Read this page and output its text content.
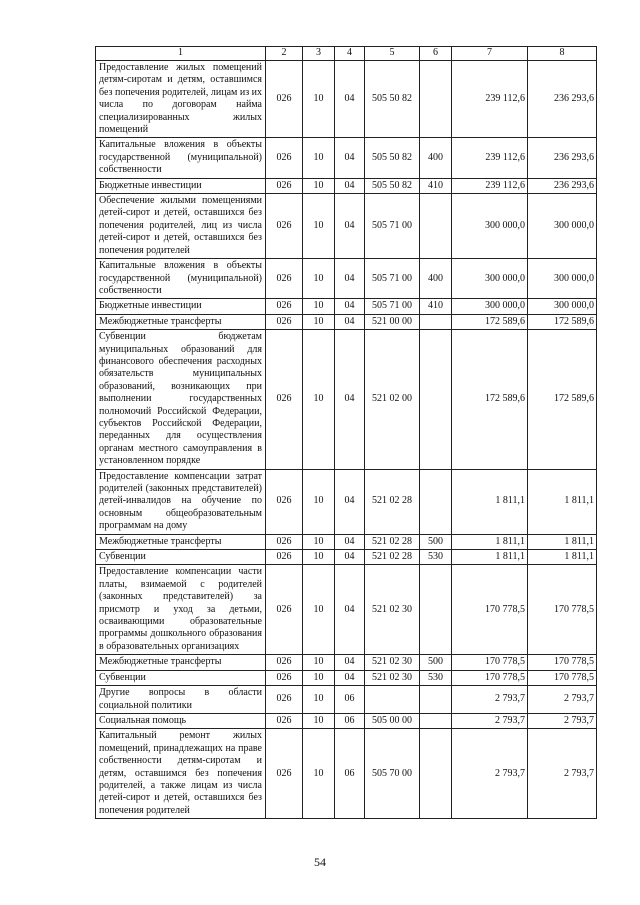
1	2	3	4	5	6	7	8
Предоставление жилых помещений детям-сиротам и детям, оставшимся без попечения родителей, лицам из их числа по договорам найма специализированных жилых помещений	026	10	04	505 50 82		239 112,6	236 293,6
Капитальные вложения в объекты государственной (муниципальной) собственности	026	10	04	505 50 82	400	239 112,6	236 293,6
Бюджетные инвестиции	026	10	04	505 50 82	410	239 112,6	236 293,6
Обеспечение жилыми помещениями детей-сирот и детей, оставшихся без попечения родителей, лиц из числа детей-сирот и детей, оставшихся без попечения родителей	026	10	04	505 71 00		300 000,0	300 000,0
Капитальные вложения в объекты государственной (муниципальной) собственности	026	10	04	505 71 00	400	300 000,0	300 000,0
Бюджетные инвестиции	026	10	04	505 71 00	410	300 000,0	300 000,0
Межбюджетные трансферты	026	10	04	521 00 00		172 589,6	172 589,6
Субвенции бюджетам муниципальных образований для финансового обеспечения расходных обязательств муниципальных образований, возникающих при выполнении государственных полномочий Российской Федерации, субъектов Российской Федерации, переданных для осуществления органам местного самоуправления в установленном порядке	026	10	04	521 02 00		172 589,6	172 589,6
Предоставление компенсации затрат родителей (законных представителей) детей-инвалидов на обучение по основным общеобразовательным программам на дому	026	10	04	521 02 28		1 811,1	1 811,1
Межбюджетные трансферты	026	10	04	521 02 28	500	1 811,1	1 811,1
Субвенции	026	10	04	521 02 28	530	1 811,1	1 811,1
Предоставление компенсации части платы, взимаемой с родителей (законных представителей) за присмотр и уход за детьми, осваивающими образовательные программы дошкольного образования в образовательных организациях	026	10	04	521 02 30		170 778,5	170 778,5
Межбюджетные трансферты	026	10	04	521 02 30	500	170 778,5	170 778,5
Субвенции	026	10	04	521 02 30	530	170 778,5	170 778,5
Другие вопросы в области социальной политики	026	10	06			2 793,7	2 793,7
Социальная помощь	026	10	06	505 00 00		2 793,7	2 793,7
Капитальный ремонт жилых помещений, принадлежащих на праве собственности детям-сиротам и детям, оставшимся без попечения родителей, а также лицам из числа детей-сирот и детей, оставшихся без попечения родителей	026	10	06	505 70 00		2 793,7	2 793,7
54
